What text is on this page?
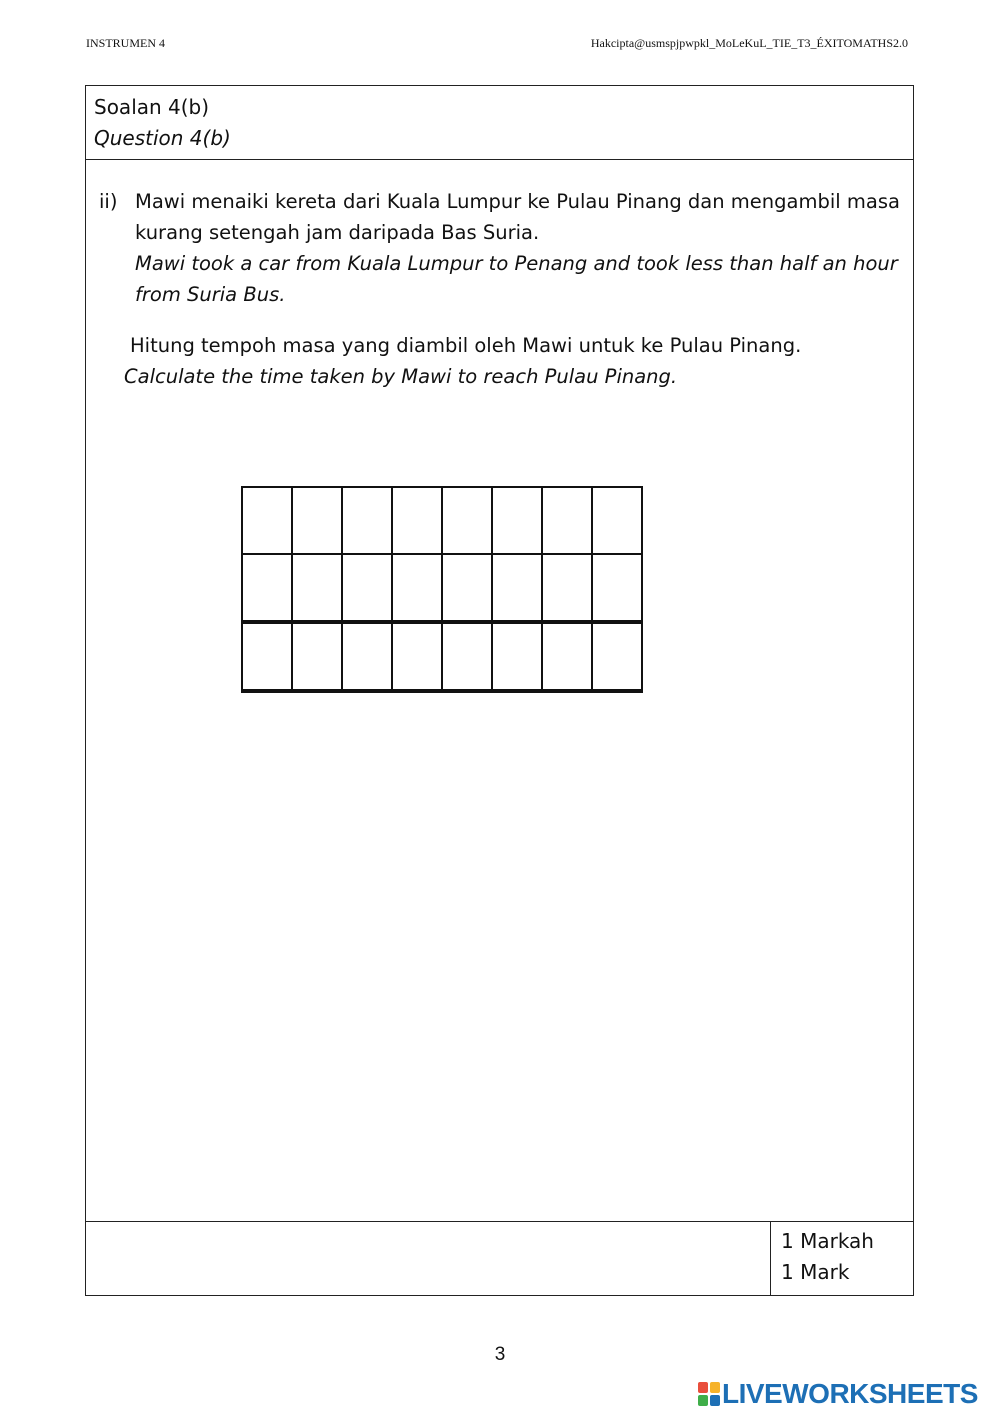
INSTRUMEN 4	Hakcipta@usmspjpwpkl_MoLeKuL_TIE_T3_ÉXITOMATHS2.0
Soalan 4(b)
Question 4(b)
ii) Mawi menaiki kereta dari Kuala Lumpur ke Pulau Pinang dan mengambil masa kurang setengah jam daripada Bas Suria.
Mawi took a car from Kuala Lumpur to Penang and took less than half an hour from Suria Bus.
Hitung tempoh masa yang diambil oleh Mawi untuk ke Pulau Pinang.
Calculate the time taken by Mawi to reach Pulau Pinang.

1 Markah
1 Mark
3
LIVEWORKSHEETS
